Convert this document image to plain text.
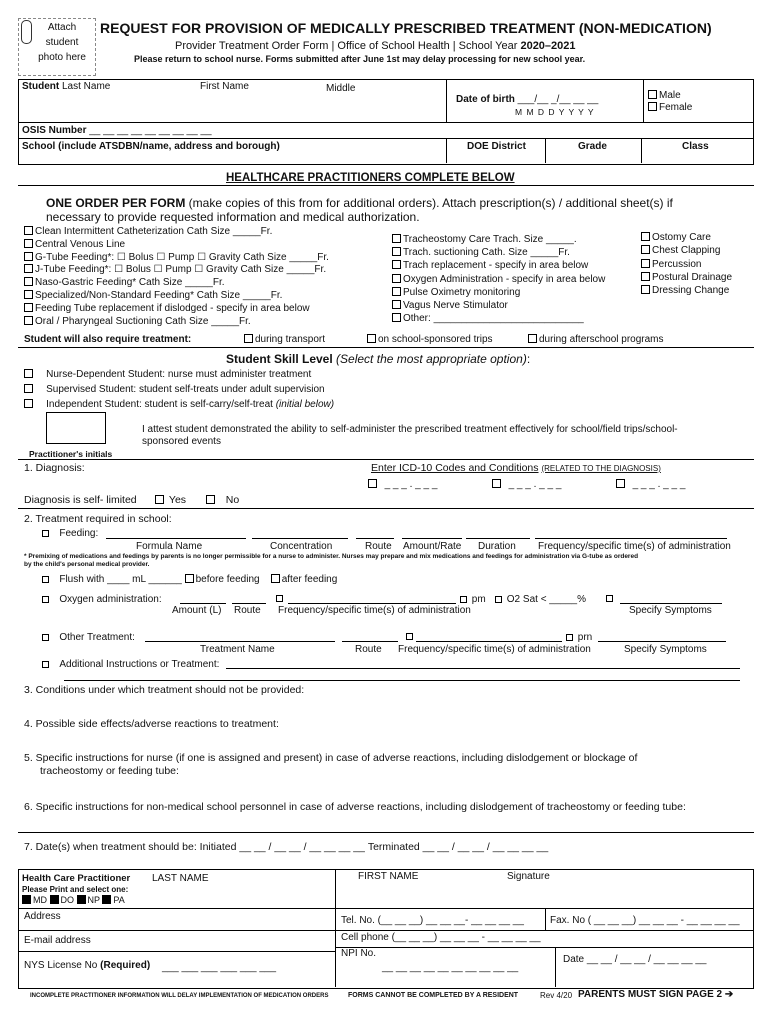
Attach
student
photo here
REQUEST FOR PROVISION OF MEDICALLY PRESCRIBED TREATMENT (NON-MEDICATION)
Provider Treatment Order Form | Office of School Health | School Year 2020–2021
Please return to school nurse. Forms submitted after June 1st may delay processing for new school year.
Student Last Name	First Name	Middle
Date of birth ___/__ _/__ __ __
M M D D Y Y Y Y
Male
Female
OSIS Number __ __ __ __ __ __ __ __ __
School (include ATSDBN/name, address and borough)	DOE District	Grade	Class
HEALTHCARE PRACTITIONERS COMPLETE BELOW
ONE ORDER PER FORM (make copies of this from for additional orders). Attach prescription(s) / additional sheet(s) if
necessary to provide requested information and medical authorization.
Clean Intermittent Catheterization Cath Size _____Fr.
Central Venous Line
G-Tube Feeding*: ☐ Bolus ☐ Pump ☐ Gravity Cath Size _____Fr.
J-Tube Feeding*: ☐ Bolus ☐ Pump ☐ Gravity Cath Size _____Fr.
Naso-Gastric Feeding* Cath Size _____Fr.
Specialized/Non-Standard Feeding* Cath Size _____Fr.
Feeding Tube replacement if dislodged - specify in area below
Oral / Pharyngeal Suctioning Cath Size _____Fr.
Tracheostomy Care Trach. Size _____.
Trach. suctioning Cath. Size _____Fr.
Trach replacement - specify in area below
Oxygen Administration - specify in area below
Pulse Oximetry monitoring
Vagus Nerve Stimulator
Other: ___________________________
Ostomy Care
Chest Clapping
Percussion
Postural Drainage
Dressing Change
Student will also require treatment:	during transport	on school-sponsored trips	during afterschool programs
Student Skill Level (Select the most appropriate option):
Nurse-Dependent Student: nurse must administer treatment
Supervised Student: student self-treats under adult supervision
Independent Student: student is self-carry/self-treat (initial below)
I attest student demonstrated the ability to self-administer the prescribed treatment effectively for school/field trips/school-
sponsored events
Practitioner's initials
1. Diagnosis:	Enter ICD-10 Codes and Conditions (RELATED TO THE DIAGNOSIS)
_ _ _ . _ _ _	_ _ _ . _ _ _	_ _ _ . _ _ _
Diagnosis is self- limited	Yes	No
2. Treatment required in school:
Feeding:
Formula Name	Concentration	Route Amount/Rate Duration Frequency/specific time(s) of administration
* Premixing of medications and feedings by parents is no longer permissible for a nurse to administer. Nurses may prepare and mix medications and feedings for administration via G-tube as ordered
by the child's personal medical provider.
Flush with ____ mL ______ before feeding after feeding
Oxygen administration:	pm	O2 Sat < _____%
Amount (L) Route Frequency/specific time(s) of administration	Specify Symptoms
Other Treatment:	prn
Treatment Name	Route Frequency/specific time(s) of administration	Specify Symptoms
Additional Instructions or Treatment:
3. Conditions under which treatment should not be provided:
4. Possible side effects/adverse reactions to treatment:
5. Specific instructions for nurse (if one is assigned and present) in case of adverse reactions, including dislodgement or blockage of
tracheostomy or feeding tube:
6. Specific instructions for non-medical school personnel in case of adverse reactions, including dislodgement of tracheostomy or feeding tube:
7. Date(s) when treatment should be: Initiated __ __ / __ __ / __ __ __ __ Terminated __ __ / __ __ / __ __ __ __
Health Care Practitioner LAST NAME	FIRST NAME	Signature
Please Print and select one:
MD DO NP PA
Address	Tel. No. (__ __ __) __ __ __- __ __ __ __	Fax. No ( __ __ __) __ __ __ - __ __ __ __
E-mail address	Cell phone (__ __ __) __ __ __ - __ __ __ __
NPI No.
__ __ __ __ __ __ __ __ __ __
NYS License No (Required) ___ ___ ___ ___ ___ ___
Date __ __ / __ __ / __ __ __ __
INCOMPLETE PRACTITIONER INFORMATION WILL DELAY IMPLEMENTATION OF MEDICATION ORDERS	FORMS CANNOT BE COMPLETED BY A RESIDENT	Rev 4/20 PARENTS MUST SIGN PAGE 2 ➔
